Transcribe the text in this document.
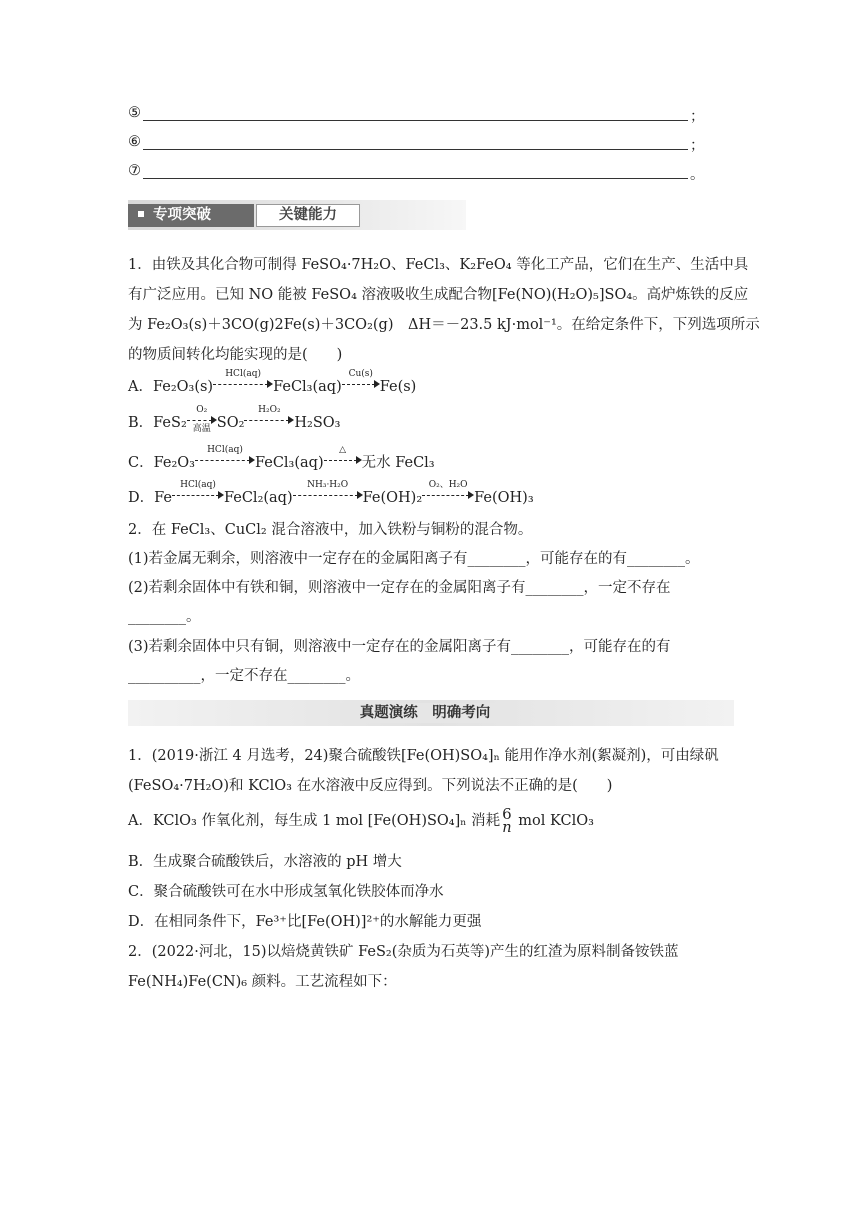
⑤	；
⑥	；
⑦	。
专项突破	关键能力
1．由铁及其化合物可制得 FeSO₄·7H₂O、FeCl₃、K₂FeO₄ 等化工产品，它们在生产、生活中具
有广泛应用。已知 NO 能被 FeSO₄ 溶液吸收生成配合物[Fe(NO)(H₂O)₅]SO₄。高炉炼铁的反应
为 Fe₂O₃(s)＋3CO(g)2Fe(s)＋3CO₂(g)　ΔH＝－23.5 kJ·mol⁻¹。在给定条件下，下列选项所示
的物质间转化均能实现的是(　　)
A．Fe₂O₃(s)
HCl(aq)
FeCl₃(aq)
Cu(s)
Fe(s)
B．FeS₂
O₂
高温 SO₂
H₂O₂
H₂SO₃
C．Fe₂O₃
HCl(aq)
FeCl₃(aq)
△
无水 FeCl₃
D．Fe
HCl(aq)
FeCl₂(aq)
NH₃·H₂O
Fe(OH)₂
O₂、H₂O
Fe(OH)₃
2．在 FeCl₃、CuCl₂ 混合溶液中，加入铁粉与铜粉的混合物。
(1)若金属无剩余，则溶液中一定存在的金属阳离子有________，可能存在的有________。
(2)若剩余固体中有铁和铜，则溶液中一定存在的金属阳离子有________，一定不存在
________。
(3)若剩余固体中只有铜，则溶液中一定存在的金属阳离子有________，可能存在的有
__________，一定不存在________。
真题演练　明确考向
1．(2019·浙江 4 月选考，24)聚合硫酸铁[Fe(OH)SO₄]ₙ 能用作净水剂(絮凝剂)，可由绿矾
(FeSO₄·7H₂O)和 KClO₃ 在水溶液中反应得到。下列说法不正确的是(　　)
A．KClO₃ 作氧化剂，每生成 1 mol [Fe(OH)SO₄]ₙ 消耗 6
n mol KClO₃
B．生成聚合硫酸铁后，水溶液的 pH 增大
C．聚合硫酸铁可在水中形成氢氧化铁胶体而净水
D．在相同条件下，Fe³⁺比[Fe(OH)]²⁺的水解能力更强
2．(2022·河北，15)以焙烧黄铁矿 FeS₂(杂质为石英等)产生的红渣为原料制备铵铁蓝
Fe(NH₄)Fe(CN)₆ 颜料。工艺流程如下：
